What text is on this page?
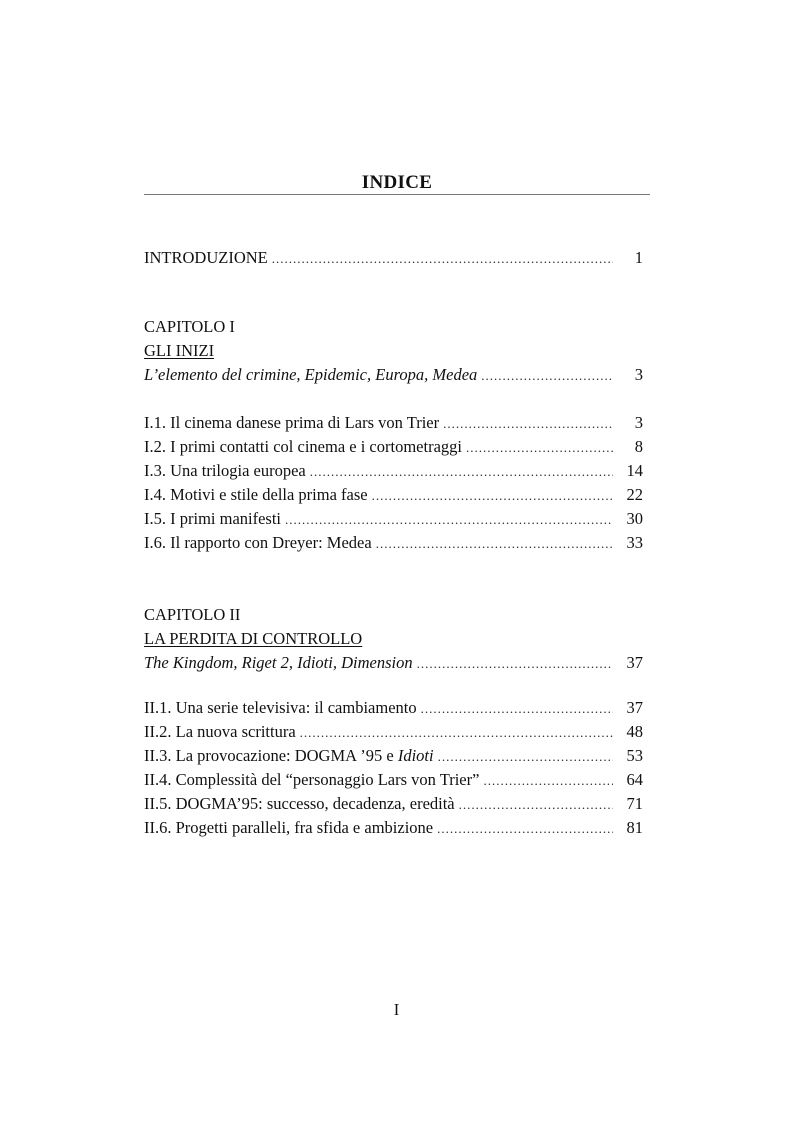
INDICE
INTRODUZIONE .....	1
CAPITOLO I
GLI INIZI
L’elemento del crimine, Epidemic, Europa, Medea .....	3
I.1. Il cinema danese prima di Lars von Trier .....	3
I.2. I primi contatti col cinema e i cortometraggi .....	8
I.3. Una trilogia europea .....	14
I.4. Motivi e stile della prima fase .....	22
I.5. I primi manifesti .....	30
I.6. Il rapporto con Dreyer: Medea .....	33
CAPITOLO II
LA PERDITA DI CONTROLLO
The Kingdom, Riget 2, Idioti, Dimension .....	37
II.1. Una serie televisiva: il cambiamento .....	37
II.2. La nuova scrittura .....	48
II.3. La provocazione: DOGMA ’95 e Idioti .....	53
II.4. Complessità del “personaggio Lars von Trier” .....	64
II.5. DOGMA’95: successo, decadenza, eredità .....	71
II.6. Progetti paralleli, fra sfida e ambizione .....	81
I
